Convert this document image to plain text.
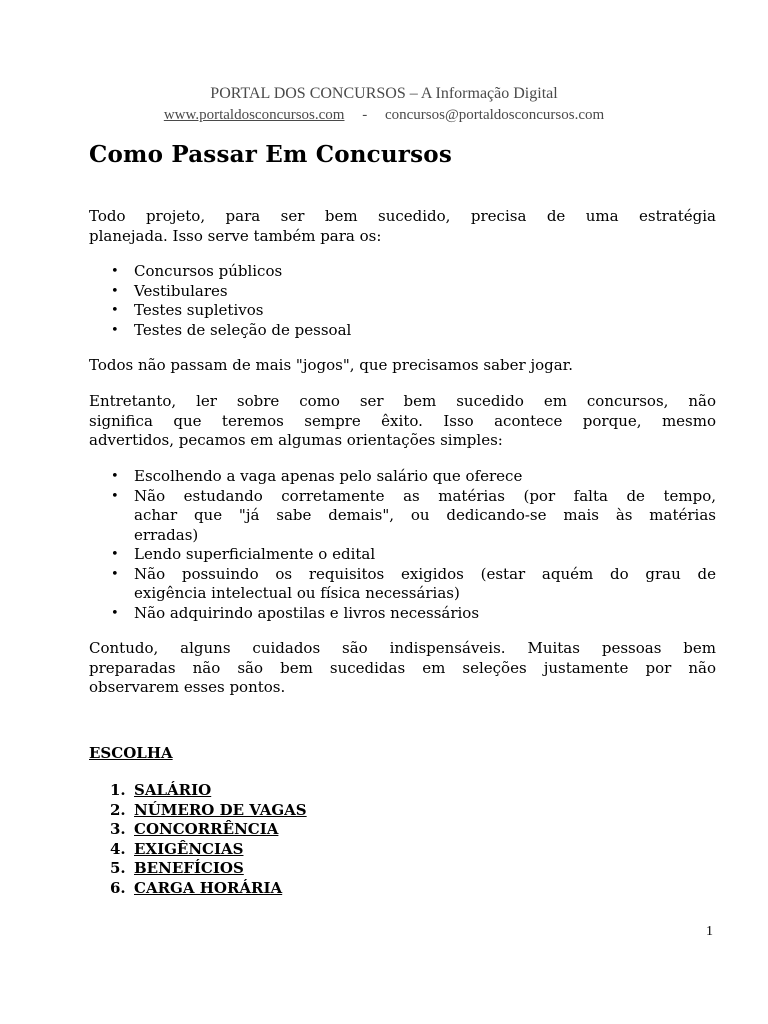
PORTAL DOS CONCURSOS – A Informação Digital
www.portaldosconcursos.com - concursos@portaldosconcursos.com
Como Passar Em Concursos
Todo projeto, para ser bem sucedido, precisa de uma estratégia
planejada. Isso serve também para os:
• Concursos públicos
• Vestibulares
• Testes supletivos
• Testes de seleção de pessoal
Todos não passam de mais "jogos", que precisamos saber jogar.
Entretanto, ler sobre como ser bem sucedido em concursos, não
significa que teremos sempre êxito. Isso acontece porque, mesmo
advertidos, pecamos em algumas orientações simples:
• Escolhendo a vaga apenas pelo salário que oferece
• Não estudando corretamente as matérias (por falta de tempo,
achar que "já sabe demais", ou dedicando-se mais às matérias
erradas)
• Lendo superficialmente o edital
• Não possuindo os requisitos exigidos (estar aquém do grau de
exigência intelectual ou física necessárias)
• Não adquirindo apostilas e livros necessários
Contudo, alguns cuidados são indispensáveis. Muitas pessoas bem
preparadas não são bem sucedidas em seleções justamente por não
observarem esses pontos.
ESCOLHA
1. SALÁRIO
2. NÚMERO DE VAGAS
3. CONCORRÊNCIA
4. EXIGÊNCIAS
5. BENEFÍCIOS
6. CARGA HORÁRIA
1
